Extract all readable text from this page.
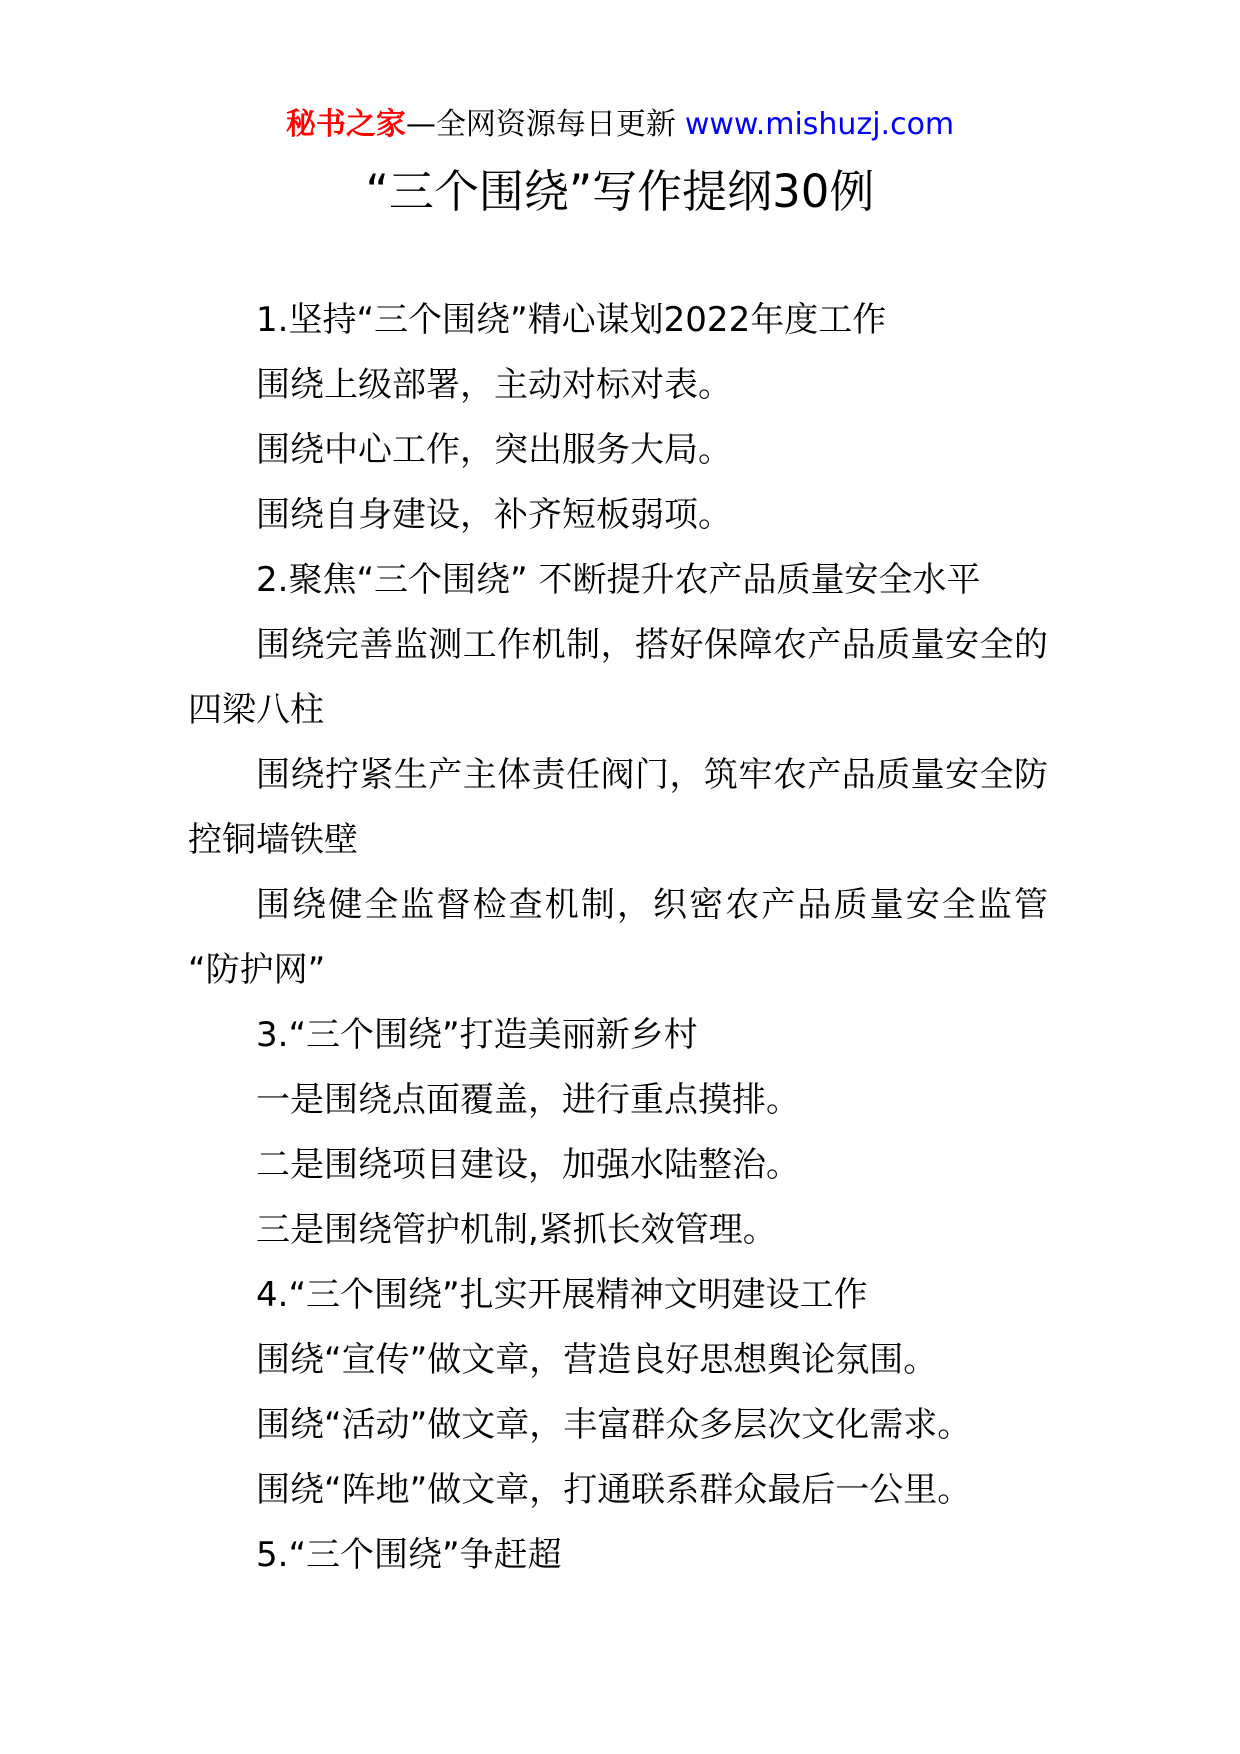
秘书之家—全网资源每日更新 www.mishuzj.com
“三个围绕”写作提纲30例
1.坚持“三个围绕”精心谋划2022年度工作
围绕上级部署，主动对标对表。
围绕中心工作，突出服务大局。
围绕自身建设，补齐短板弱项。
2.聚焦“三个围绕” 不断提升农产品质量安全水平
围绕完善监测工作机制，搭好保障农产品质量安全的
四梁八柱
围绕拧紧生产主体责任阀门，筑牢农产品质量安全防
控铜墙铁壁
围绕健全监督检查机制，织密农产品质量安全监管
“防护网”
3.“三个围绕”打造美丽新乡村
一是围绕点面覆盖，进行重点摸排。
二是围绕项目建设，加强水陆整治。
三是围绕管护机制,紧抓长效管理。
4.“三个围绕”扎实开展精神文明建设工作
围绕“宣传”做文章，营造良好思想舆论氛围。
围绕“活动”做文章，丰富群众多层次文化需求。
围绕“阵地”做文章，打通联系群众最后一公里。
5.“三个围绕”争赶超
